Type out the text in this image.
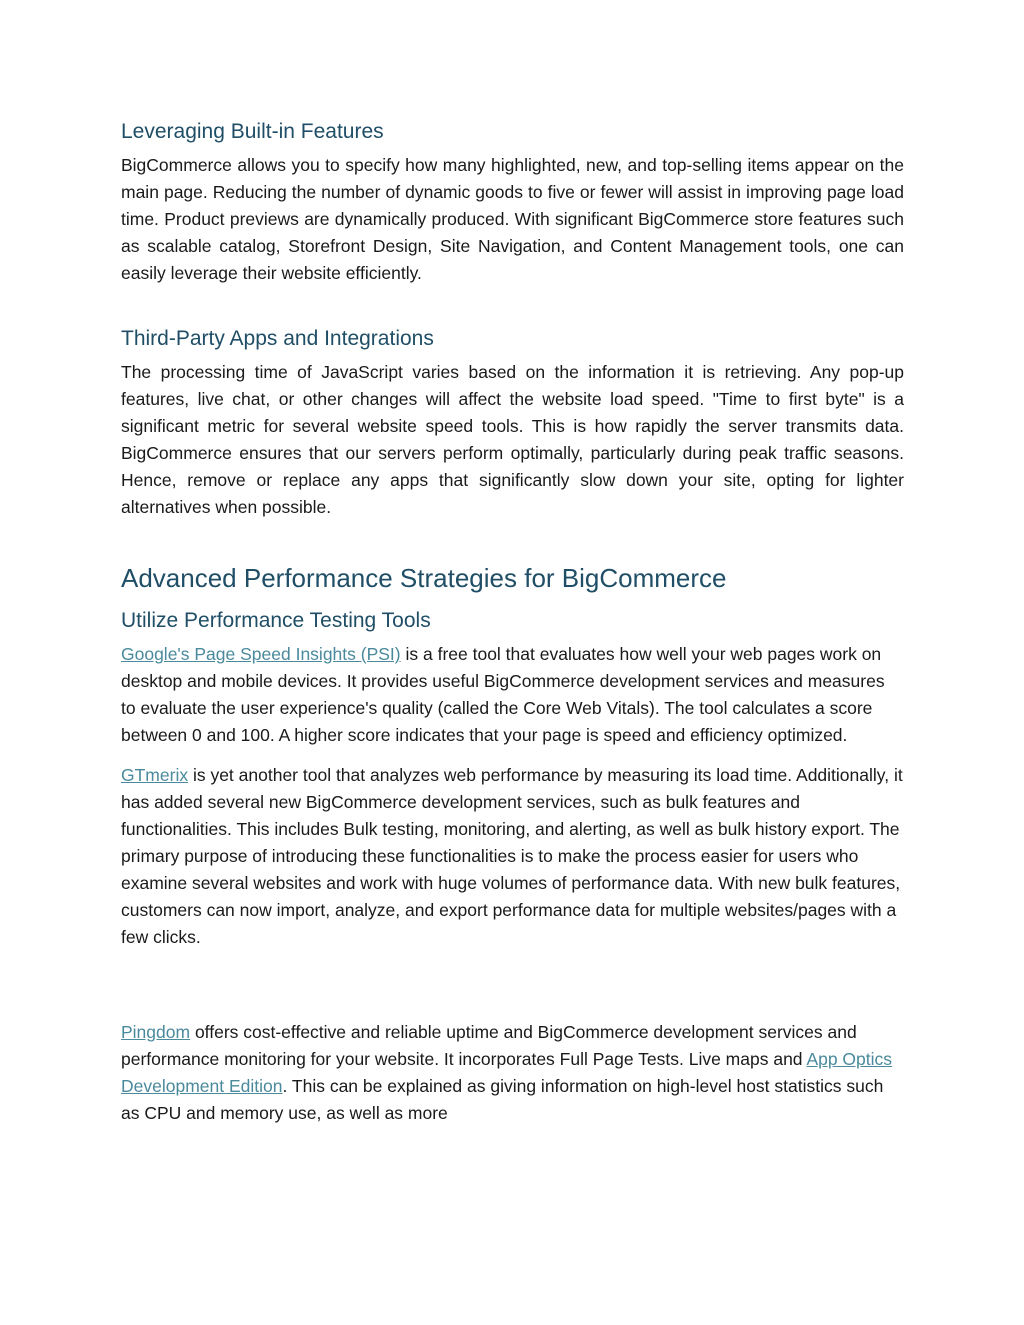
Leveraging Built-in Features

BigCommerce allows you to specify how many highlighted, new, and top-selling items appear on the main page. Reducing the number of dynamic goods to five or fewer will assist in improving page load time. Product previews are dynamically produced. With significant BigCommerce store features such as scalable catalog, Storefront Design, Site Navigation, and Content Management tools, one can easily leverage their website efficiently.

Third-Party Apps and Integrations

The processing time of JavaScript varies based on the information it is retrieving. Any pop-up features, live chat, or other changes will affect the website load speed. "Time to first byte" is a significant metric for several website speed tools. This is how rapidly the server transmits data. BigCommerce ensures that our servers perform optimally, particularly during peak traffic seasons. Hence, remove or replace any apps that significantly slow down your site, opting for lighter alternatives when possible.

Advanced Performance Strategies for BigCommerce
Utilize Performance Testing Tools

Google's Page Speed Insights (PSI) is a free tool that evaluates how well your web pages work on desktop and mobile devices. It provides useful BigCommerce development services and measures to evaluate the user experience's quality (called the Core Web Vitals). The tool calculates a score between 0 and 100. A higher score indicates that your page is speed and efficiency optimized.

GTmerix is yet another tool that analyzes web performance by measuring its load time. Additionally, it has added several new BigCommerce development services, such as bulk features and functionalities. This includes Bulk testing, monitoring, and alerting, as well as bulk history export. The primary purpose of introducing these functionalities is to make the process easier for users who examine several websites and work with huge volumes of performance data. With new bulk features, customers can now import, analyze, and export performance data for multiple websites/pages with a few clicks.

Pingdom offers cost-effective and reliable uptime and BigCommerce development services and performance monitoring for your website. It incorporates Full Page Tests. Live maps and App Optics Development Edition. This can be explained as giving information on high-level host statistics such as CPU and memory use, as well as more
